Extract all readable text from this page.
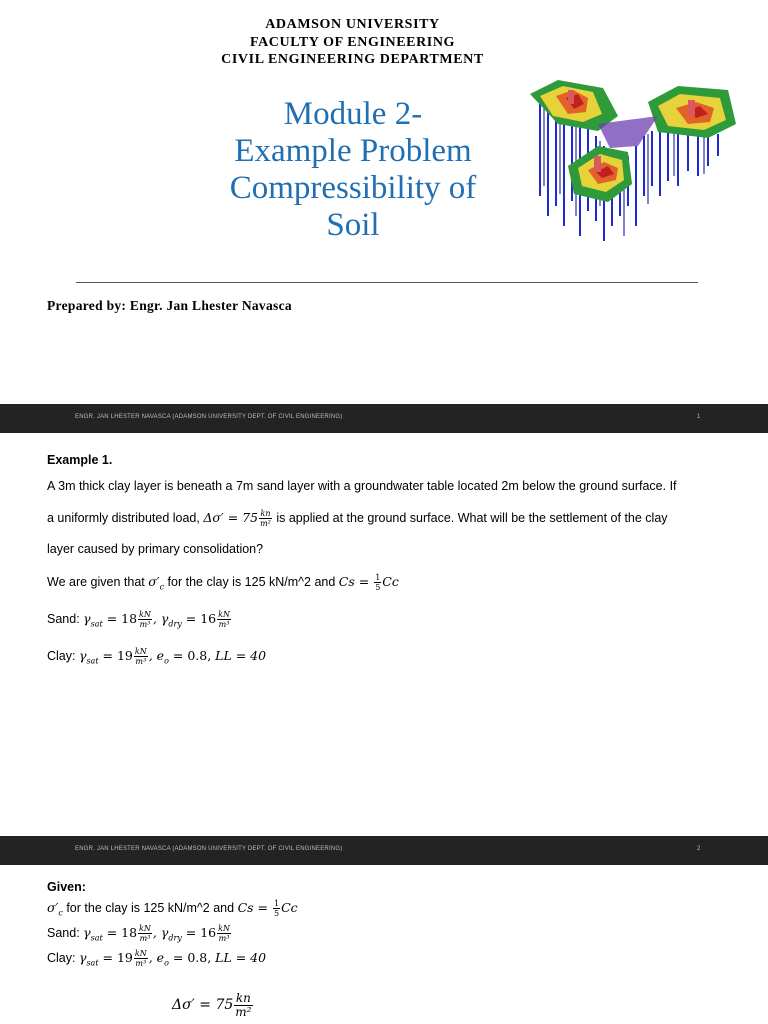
ADAMSON UNIVERSITY
FACULTY OF ENGINEERING
CIVIL ENGINEERING DEPARTMENT
Module 2-
Example Problem
Compressibility of
Soil
Prepared by: Engr. Jan Lhester Navasca
ENGR. JAN LHESTER NAVASCA (ADAMSON UNIVERSITY DEPT. OF CIVIL ENGINEERING)	1
Example 1.
A 3m thick clay layer is beneath a 7m sand layer with a groundwater table located 2m below the ground surface. If
a uniformly distributed load, $\Delta\sigma' = 75 \frac{kn}{\text{m²}}$ is applied at the ground surface. What will be the settlement of the clay
layer caused by primary consolidation?
We are given that $\sigma'_c$ for the clay is 125 kN/m^2 and $Cs = \frac{1}{5}$ Cc
Sand: $\gamma_{sat} = 18 \frac{kN}{\text{m³}}$ , $\gamma_{dry} = 16 \frac{kN}{\text{m³}}$
Clay: $\gamma_{sat} = 19 \frac{kN}{\text{m³}}$ , $e_o = 0.8$, LL = 40
ENGR. JAN LHESTER NAVASCA (ADAMSON UNIVERSITY DEPT. OF CIVIL ENGINEERING)	2
Given:
$\sigma'_c$ for the clay is 125 kN/m^2 and $Cs = \frac{1}{5}$ Cc
Sand: $\gamma_{sat} = 18 \frac{kN}{\text{m³}}$ , $\gamma_{dry} = 16 \frac{kN}{\text{m³}}$
Clay: $\gamma_{sat} = 19 \frac{kN}{\text{m³}}$ , $e_o = 0.8$, LL = 40
$\Delta\sigma' = 75 \frac{kn}{\text{m²}}$
